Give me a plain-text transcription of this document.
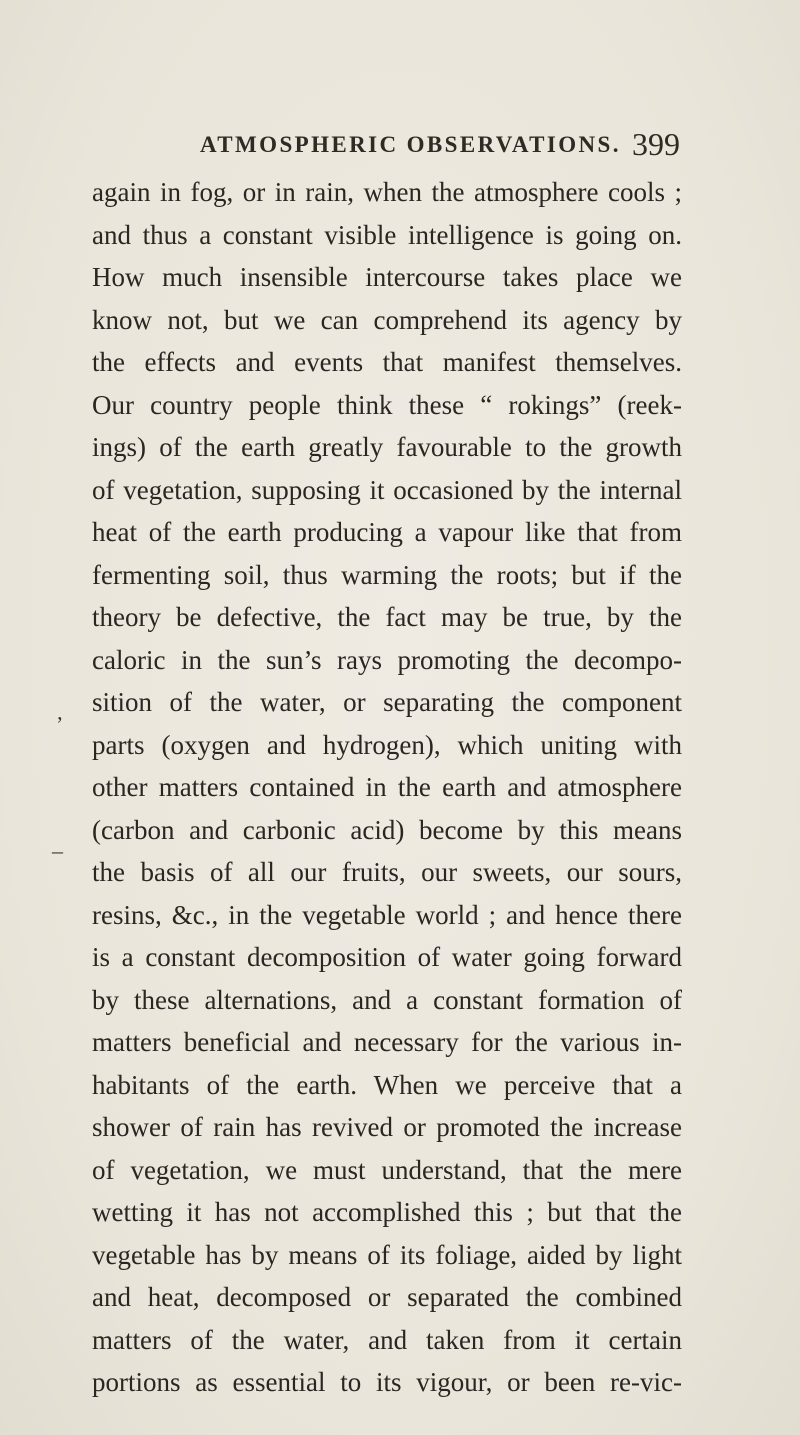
ATMOSPHERIC OBSERVATIONS. 399
again in fog, or in rain, when the atmosphere cools ;
and thus a constant visible intelligence is going on.
How much insensible intercourse takes place we
know not, but we can comprehend its agency by
the effects and events that manifest themselves.
Our country people think these “ rokings” (reek-
ings) of the earth greatly favourable to the growth
of vegetation, supposing it occasioned by the internal
heat of the earth producing a vapour like that from
fermenting soil, thus warming the roots; but if the
theory be defective, the fact may be true, by the
caloric in the sun’s rays promoting the decompo-
sition of the water, or separating the component
parts (oxygen and hydrogen), which uniting with
other matters contained in the earth and atmosphere
(carbon and carbonic acid) become by this means
the basis of all our fruits, our sweets, our sours,
resins, &c., in the vegetable world ; and hence there
is a constant decomposition of water going forward
by these alternations, and a constant formation of
matters beneficial and necessary for the various in-
habitants of the earth. When we perceive that a
shower of rain has revived or promoted the increase
of vegetation, we must understand, that the mere
wetting it has not accomplished this ; but that the
vegetable has by means of its foliage, aided by light
and heat, decomposed or separated the combined
matters of the water, and taken from it certain
portions as essential to its vigour, or been re-vic-
ʼ
–
